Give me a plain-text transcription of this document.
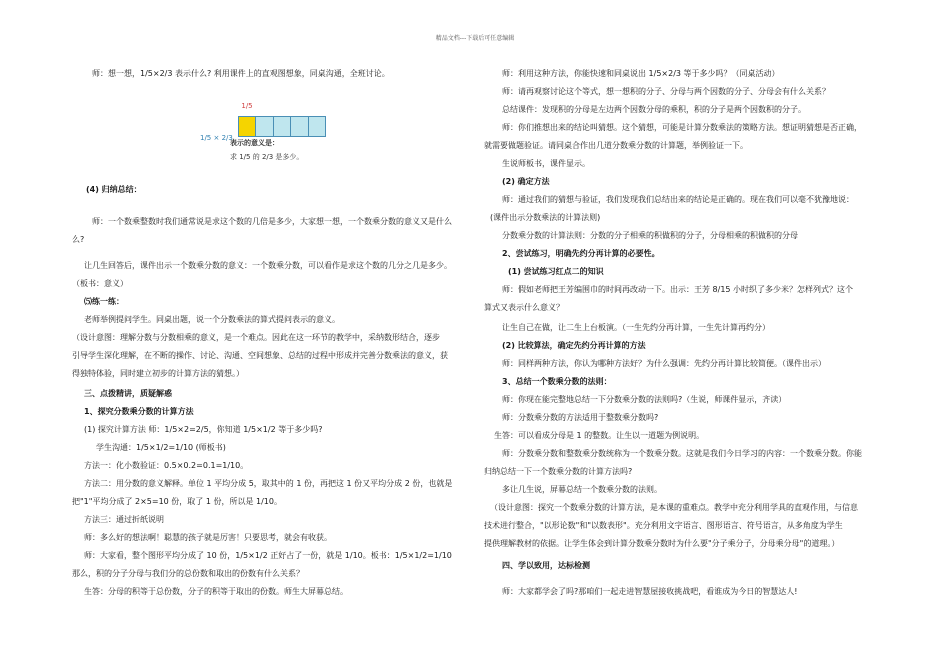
精品文档---下载后可任意编辑
师：想一想，1/5×2/3 表示什么? 利用课件上的直观图想象，同桌沟通，全班讨论。
(4) 归纳总结：
师：一个数乘整数时我们通常说是求这个数的几倍是多少，大家想一想，一个数乘分数的意义又是什么
么?
让几生回答后，课件出示一个数乘分数的意义：一个数乘分数，可以看作是求这个数的几分之几是多少。
（板书：意义）
⑸练一练：
老师举例提问学生。同桌出题，说一个分数乘法的算式提问表示的意义。
（设计意图：理解分数与分数相乘的意义，是一个难点。因此在这一环节的教学中，采纳数形结合，逐步
引导学生深化理解，在不断的操作、讨论、沟通、空间想象、总结的过程中形成并完善分数乘法的意义，获
得独特体验，同时建立初步的计算方法的猜想。）
三、点拨精讲，质疑解惑
1、探究分数乘分数的计算方法
(1) 探究计算方法 师：1/5×2=2/5，你知道 1/5×1/2 等于多少吗?
学生沟通：1/5×1/2=1/10 (师板书)
方法一：化小数验证：0.5×0.2=0.1=1/10。
方法二：用分数的意义解释。单位 1 平均分成 5，取其中的 1 份，再把这 1 份又平均分成 2 份，也就是
把"1"平均分成了 2×5=10 份，取了 1 份，所以是 1/10。
方法三：通过折纸说明
师：多么好的想法啊！聪慧的孩子就是厉害！只要思考，就会有收获。
师：大家看，整个图形平均分成了 10 份，1/5×1/2 正好占了一份，就是 1/10。板书：1/5×1/2=1/10
那么，积的分子分母与我们分的总份数和取出的份数有什么关系？
生答：分母的积等于总份数，分子的积等于取出的份数。师生大屏幕总结。
1/5
1/5 × 2/3
表示的意义是：
求 1/5 的 2/3 是多少。
师：利用这种方法，你能快速和同桌说出 1/5×2/3 等于多少吗？（同桌活动）
师：请再观察讨论这个等式，想一想积的分子、分母与两个因数的分子、分母会有什么关系？
总结课件：发现积的分母是左边两个因数分母的乘积，积的分子是两个因数积的分子。
师：你们推想出来的结论叫猜想。这个猜想，可能是计算分数乘法的策略方法。想证明猜想是否正确，
就需要做题验证。请同桌合作出几道分数乘分数的计算题，举例验证一下。
生说师板书，课件显示。
(2) 确定方法
师：通过我们的猜想与验证，我们发现我们总结出来的结论是正确的。现在我们可以毫不犹豫地说：
(课件出示分数乘法的计算法则)
分数乘分数的计算法则：分数的分子相乘的积做积的分子，分母相乘的积做积的分母
2、尝试练习，明确先约分再计算的必要性。
(1) 尝试练习红点二的知识
师：假如老师把王芳编围巾的时间再改动一下。出示：王芳 8/15 小时织了多少米？怎样列式？这个
算式又表示什么意义？
让生自己在做，让二生上台板演。（一生先约分再计算，一生先计算再约分）
(2) 比较算法，确定先约分再计算的方法
师：同样两种方法，你认为哪种方法好？为什么强调：先约分再计算比较简便。（课件出示）
3、总结一个数乘分数的法则：
师：你现在能完整地总结一下分数乘分数的法则吗?（生说，师课件显示，齐读）
师：分数乘分数的方法适用于整数乘分数吗?
生答：可以看成分母是 1 的整数。让生以一道题为例说明。
师：分数乘分数和整数乘分数统称为一个数乘分数。这就是我们今日学习的内容：一个数乘分数。你能
归纳总结一下一个数乘分数的计算方法吗?
多让几生说，屏幕总结一个数乘分数的法则。
（设计意图：探究一个数乘分数的计算方法，是本课的重难点。教学中充分利用学具的直观作用，与信息
技术进行整合，"以形论数"和"以数表形"。充分利用文字语言、图形语言、符号语言，从多角度为学生
提供理解教材的依据。让学生体会到计算分数乘分数时为什么要"分子乘分子，分母乘分母"的道理。）
四、学以致用，达标检测
师：大家都学会了吗?那咱们一起走进智慧屋接收挑战吧，看谁成为今日的智慧达人!
